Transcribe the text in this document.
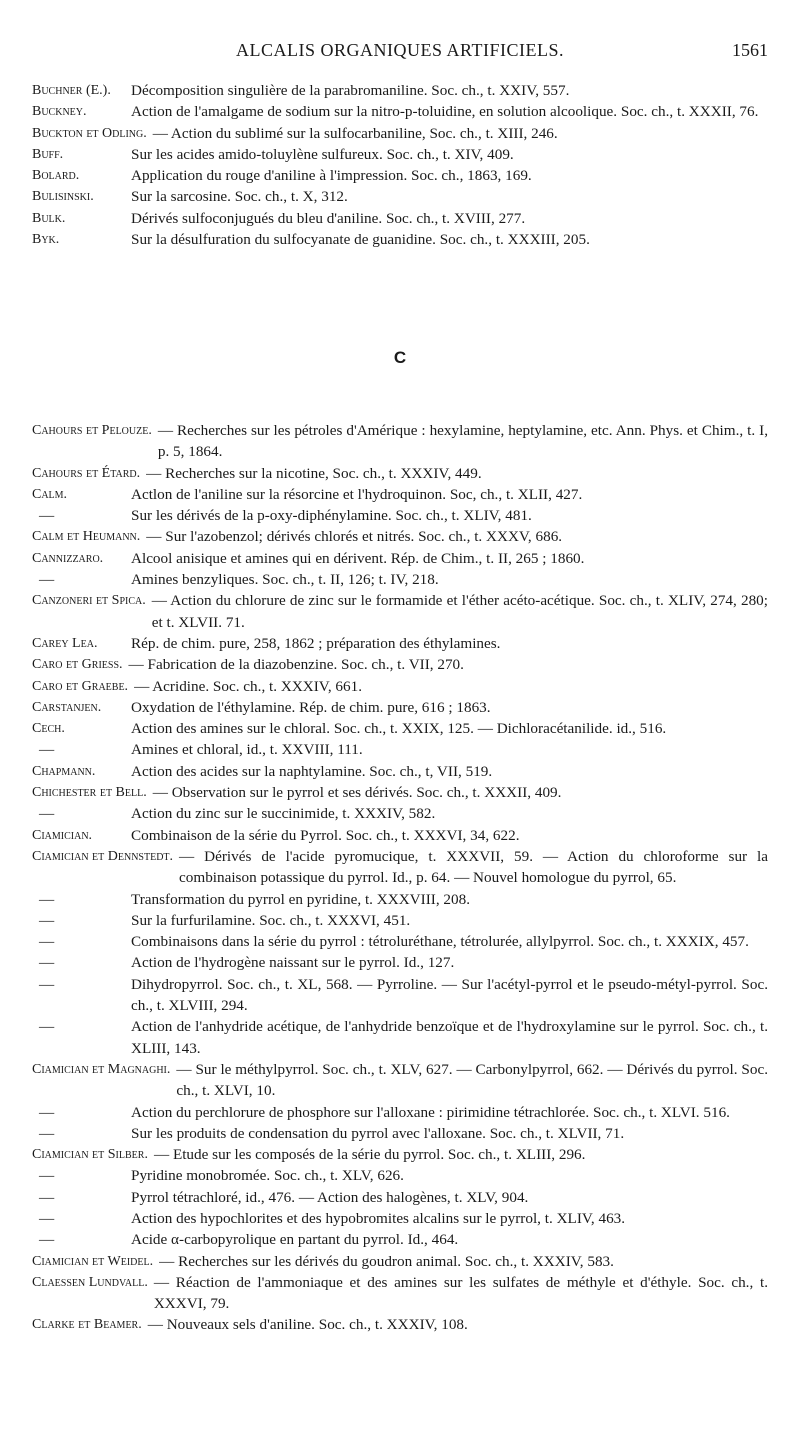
ALCALIS ORGANIQUES ARTIFICIELS.	1561
Buchner (E.).	Décomposition singulière de la parabromaniline. Soc. ch., t. XXIV, 557.
Buckney.	Action de l'amalgame de sodium sur la nitro-p-toluidine, en solution alcoolique. Soc. ch., t. XXXII, 76.
Buckton et Odling. — Action du sublimé sur la sulfocarbaniline, Soc. ch., t. XIII, 246.
Buff.	Sur les acides amido-toluylène sulfureux. Soc. ch., t. XIV, 409.
Bolard.	Application du rouge d'aniline à l'impression. Soc. ch., 1863, 169.
Bulisinski.	Sur la sarcosine. Soc. ch., t. X, 312.
Bulk.	Dérivés sulfoconjugués du bleu d'aniline. Soc. ch., t. XVIII, 277.
Byk.	Sur la désulfuration du sulfocyanate de guanidine. Soc. ch., t. XXXIII, 205.
C
Cahours et Pelouze. — Recherches sur les pétroles d'Amérique : hexylamine, heptylamine, etc. Ann. Phys. et Chim., t. I, p. 5, 1864.
Cahours et Étard. — Recherches sur la nicotine, Soc. ch., t. XXXIV, 449.
Calm.	Actlon de l'aniline sur la résorcine et l'hydroquinon. Soc, ch., t. XLII, 427.
—	Sur les dérivés de la p-oxy-diphénylamine. Soc. ch., t. XLIV, 481.
Calm et Heumann. — Sur l'azobenzol; dérivés chlorés et nitrés. Soc. ch., t. XXXV, 686.
Cannizzaro.	Alcool anisique et amines qui en dérivent. Rép. de Chim., t. II, 265 ; 1860.
—	Amines benzyliques. Soc. ch., t. II, 126; t. IV, 218.
Canzoneri et Spica. — Action du chlorure de zinc sur le formamide et l'éther acéto-acétique. Soc. ch., t. XLIV, 274, 280; et t. XLVII. 71.
Carey Lea.	Rép. de chim. pure, 258, 1862 ; préparation des éthylamines.
Caro et Griess. — Fabrication de la diazobenzine. Soc. ch., t. VII, 270.
Caro et Graebe. — Acridine. Soc. ch., t. XXXIV, 661.
Carstanjen.	Oxydation de l'éthylamine. Rép. de chim. pure, 616 ; 1863.
Cech.	Action des amines sur le chloral. Soc. ch., t. XXIX, 125. — Dichloracétanilide. id., 516.
—	Amines et chloral, id., t. XXVIII, 111.
Chapmann.	Action des acides sur la naphtylamine. Soc. ch., t, VII, 519.
Chichester et Bell. — Observation sur le pyrrol et ses dérivés. Soc. ch., t. XXXII, 409.
—	Action du zinc sur le succinimide, t. XXXIV, 582.
Ciamician.	Combinaison de la série du Pyrrol. Soc. ch., t. XXXVI, 34, 622.
Ciamician et Dennstedt. — Dérivés de l'acide pyromucique, t. XXXVII, 59. — Action du chloroforme sur la combinaison potassique du pyrrol. Id., p. 64. — Nouvel homologue du pyrrol, 65.
—	Transformation du pyrrol en pyridine, t. XXXVIII, 208.
—	Sur la furfurilamine. Soc. ch., t. XXXVI, 451.
—	Combinaisons dans la série du pyrrol : tétroluréthane, tétrolurée, allylpyrrol. Soc. ch., t. XXXIX, 457.
—	Action de l'hydrogène naissant sur le pyrrol. Id., 127.
—	Dihydropyrrol. Soc. ch., t. XL, 568. — Pyrroline. — Sur l'acétyl-pyrrol et le pseudo-métyl-pyrrol. Soc. ch., t. XLVIII, 294.
—	Action de l'anhydride acétique, de l'anhydride benzoïque et de l'hydroxylamine sur le pyrrol. Soc. ch., t. XLIII, 143.
Ciamician et Magnaghi. — Sur le méthylpyrrol. Soc. ch., t. XLV, 627. — Carbonylpyrrol, 662. — Dérivés du pyrrol. Soc. ch., t. XLVI, 10.
—	Action du perchlorure de phosphore sur l'alloxane : pirimidine tétrachlorée. Soc. ch., t. XLVI. 516.
—	Sur les produits de condensation du pyrrol avec l'alloxane. Soc. ch., t. XLVII, 71.
Ciamician et Silber. — Etude sur les composés de la série du pyrrol. Soc. ch., t. XLIII, 296.
—	Pyridine monobromée. Soc. ch., t. XLV, 626.
—	Pyrrol tétrachloré, id., 476. — Action des halogènes, t. XLV, 904.
—	Action des hypochlorites et des hypobromites alcalins sur le pyrrol, t. XLIV, 463.
—	Acide α-carbopyrolique en partant du pyrrol. Id., 464.
Ciamician et Weidel. — Recherches sur les dérivés du goudron animal. Soc. ch., t. XXXIV, 583.
Claessen Lundvall. — Réaction de l'ammoniaque et des amines sur les sulfates de méthyle et d'éthyle. Soc. ch., t. XXXVI, 79.
Clarke et Beamer. — Nouveaux sels d'aniline. Soc. ch., t. XXXIV, 108.
